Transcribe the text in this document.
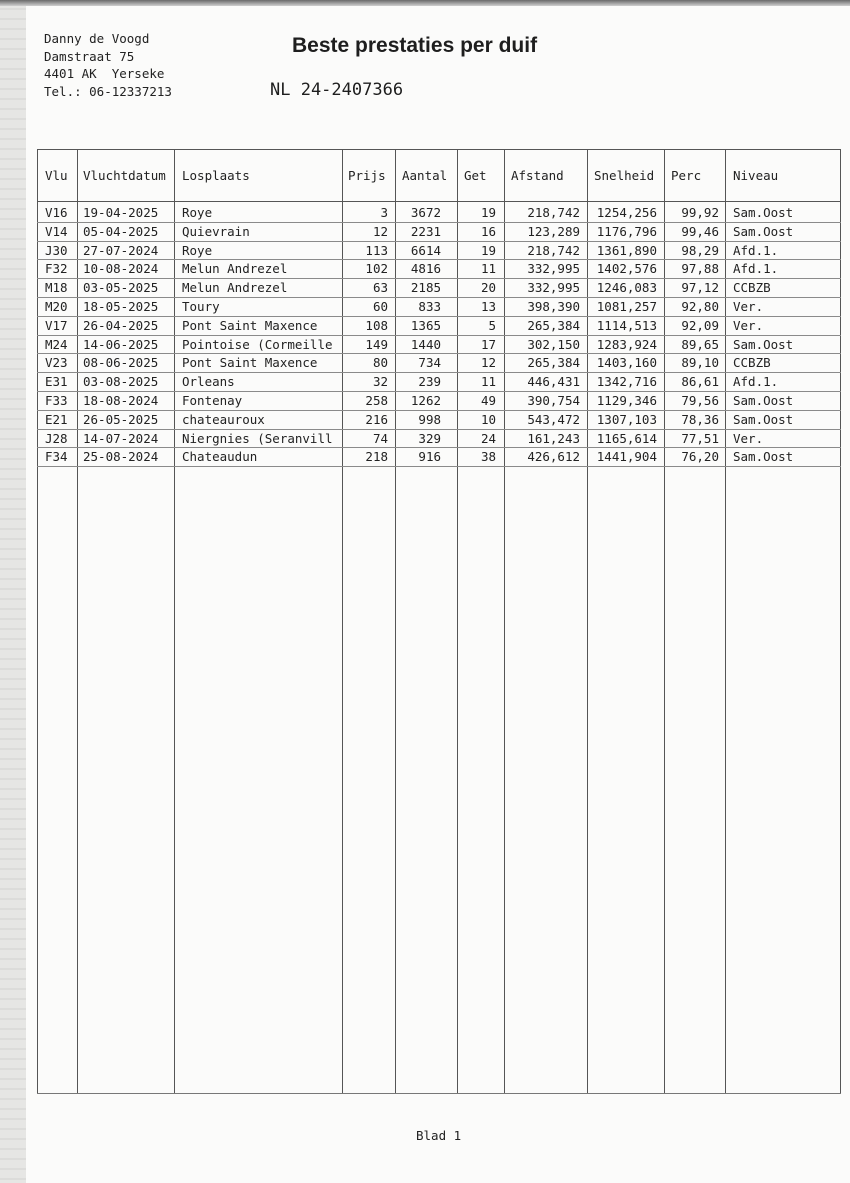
Danny de Voogd
Damstraat 75
4401 AK  Yerseke
Tel.: 06-12337213
Beste prestaties per duif
NL 24-2407366
Vlu Vluchtdatum Losplaats	Prijs Aantal Get Afstand Snelheid Perc	Niveau
V16	19-04-2025	Roye	3	3672	19	218,742	1254,256	99,92 Sam.Oost
V14	05-04-2025	Quievrain	12	2231	16	123,289	1176,796	99,46 Sam.Oost
J30	27-07-2024	Roye	113	6614	19	218,742	1361,890	98,29 Afd.1.
F32	10-08-2024	Melun Andrezel	102	4816	11	332,995	1402,576	97,88 Afd.1.
M18	03-05-2025	Melun Andrezel	63	2185	20	332,995	1246,083	97,12 CCBZB
M20	18-05-2025	Toury	60	833	13	398,390	1081,257	92,80 Ver.
V17	26-04-2025	Pont Saint Maxence	108	1365	5	265,384	1114,513	92,09 Ver.
M24	14-06-2025	Pointoise (Cormeille	149	1440	17	302,150	1283,924	89,65 Sam.Oost
V23	08-06-2025	Pont Saint Maxence	80	734	12	265,384	1403,160	89,10 CCBZB
E31	03-08-2025	Orleans	32	239	11	446,431	1342,716	86,61 Afd.1.
F33	18-08-2024	Fontenay	258	1262	49	390,754	1129,346	79,56 Sam.Oost
E21	26-05-2025	chateauroux	216	998	10	543,472	1307,103	78,36 Sam.Oost
J28	14-07-2024	Niergnies (Seranvill	74	329	24	161,243	1165,614	77,51 Ver.
F34	25-08-2024	Chateaudun	218	916	38	426,612	1441,904	76,20 Sam.Oost
Blad 1
